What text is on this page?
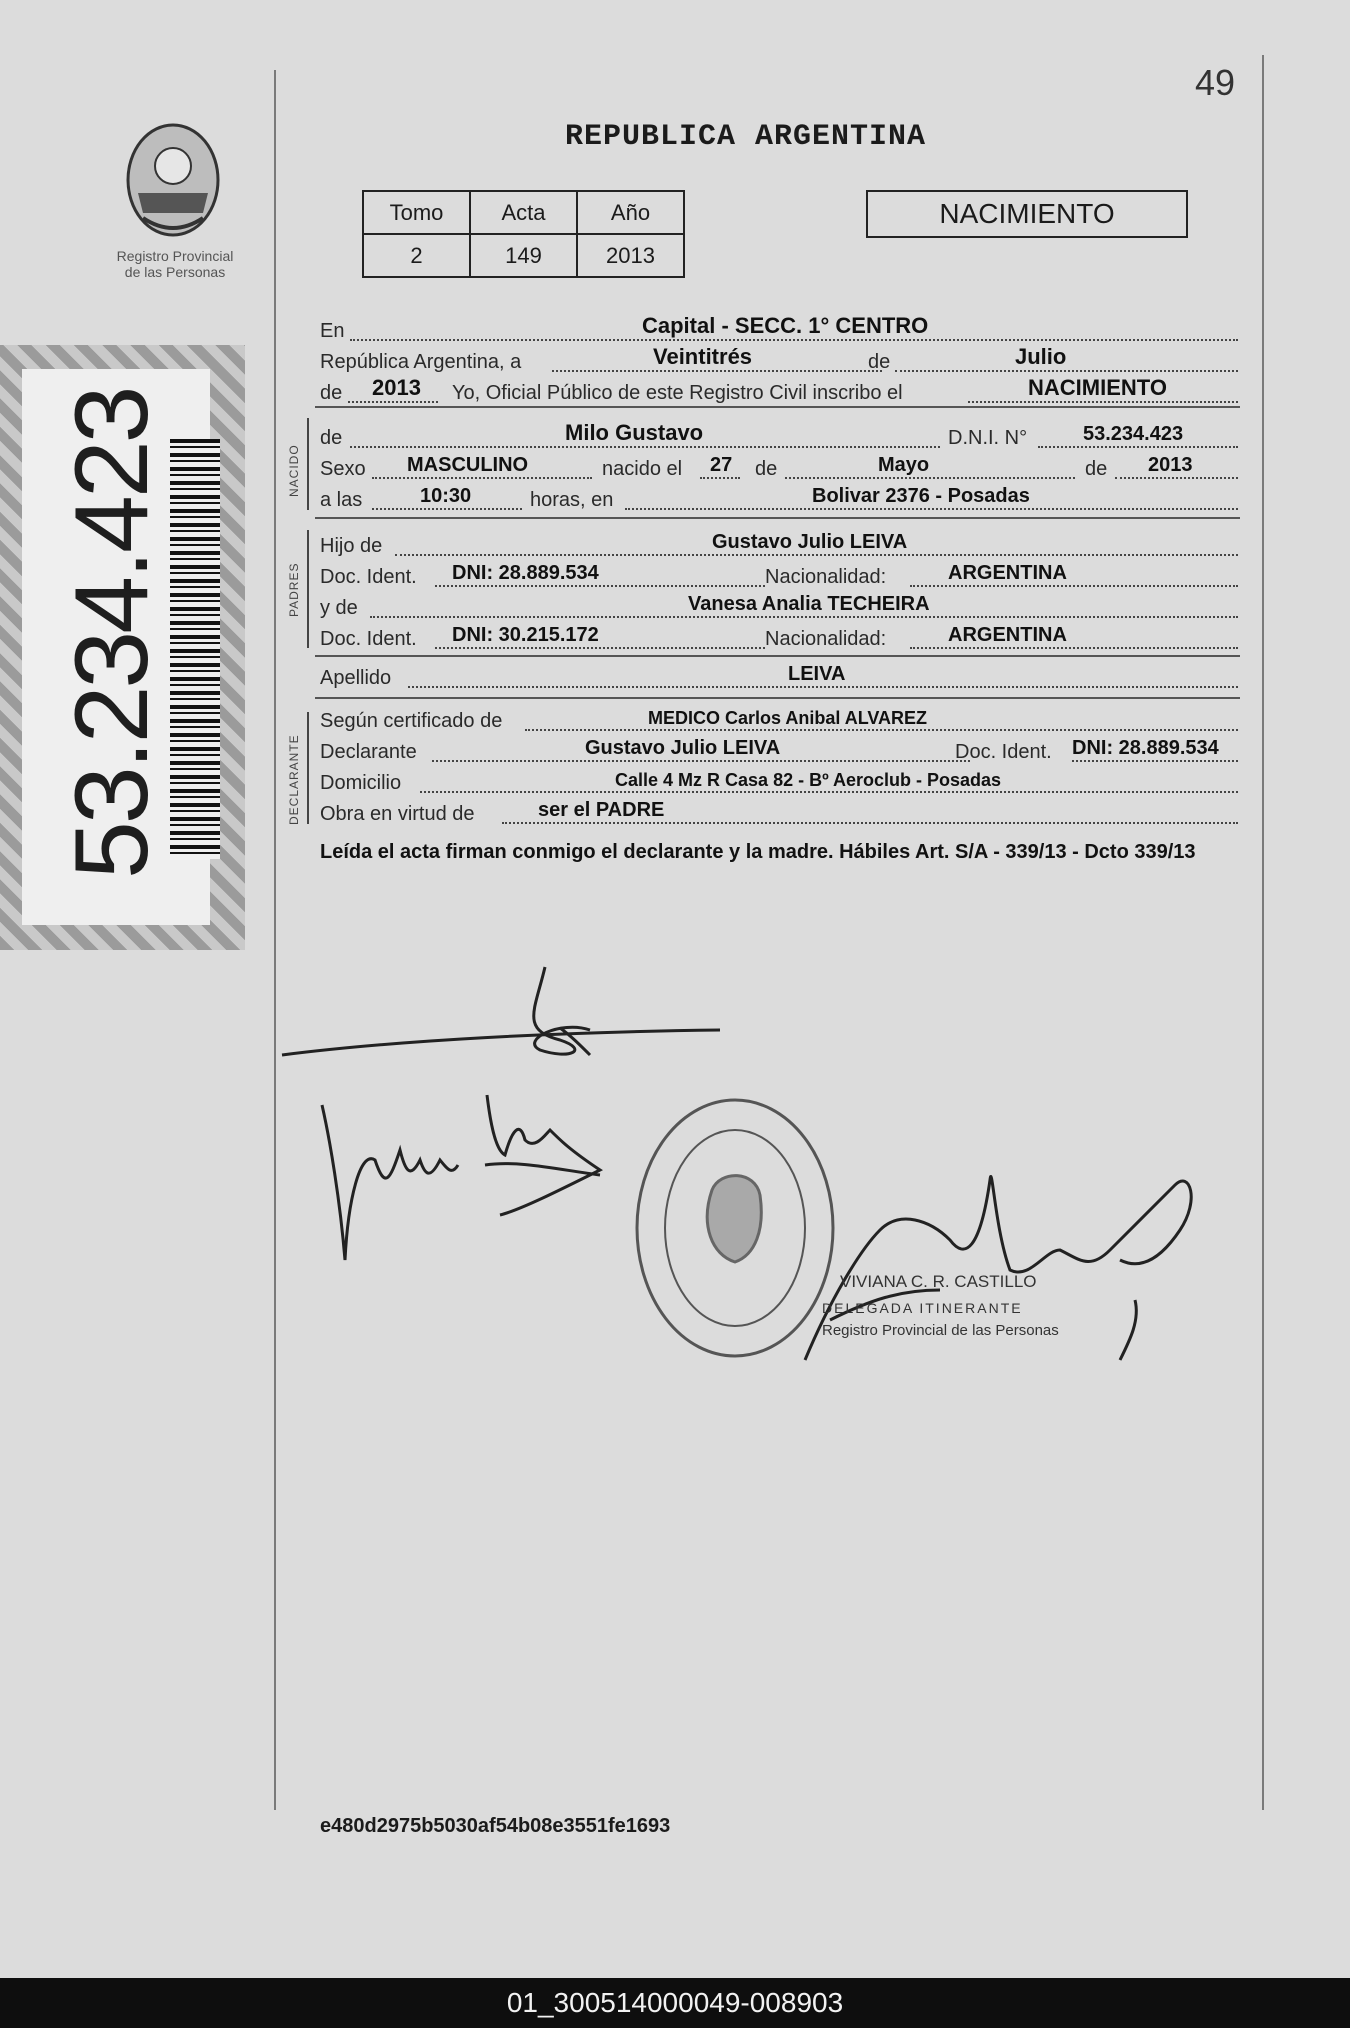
49
REPUBLICA ARGENTINA
Registro Provincial
de las Personas
53.234.423
Tomo	Acta	Año
2	149	2013
NACIMIENTO
En	Capital - SECC. 1° CENTRO
República Argentina, a	Veintitrés	de	Julio
de 2013 Yo, Oficial Público de este Registro Civil inscribo el	NACIMIENTO
NACIDO
de	Milo Gustavo	D.N.I. N°	53.234.423
Sexo MASCULINO	nacido el 27 de	Mayo	de 2013
a las	10:30	horas, en	Bolivar 2376 - Posadas
PADRES
Hijo de	Gustavo Julio LEIVA
Doc. Ident. DNI: 28.889.534	Nacionalidad:	ARGENTINA
y de	Vanesa Analia TECHEIRA
Doc. Ident. DNI: 30.215.172	Nacionalidad:	ARGENTINA
Apellido	LEIVA
DECLARANTE
Según certificado de	MEDICO Carlos Anibal ALVAREZ
Declarante	Gustavo Julio LEIVA	Doc. Ident. DNI: 28.889.534
Domicilio	Calle 4 Mz R Casa 82 - Bº Aeroclub - Posadas
Obra en virtud de	ser el PADRE
Leída el acta firman conmigo el declarante y la madre. Hábiles Art. S/A - 339/13 - Dcto 339/13
VIVIANA C. R. CASTILLO
DELEGADA ITINERANTE
Registro Provincial de las Personas
e480d2975b5030af54b08e3551fe1693
01_300514000049-008903
